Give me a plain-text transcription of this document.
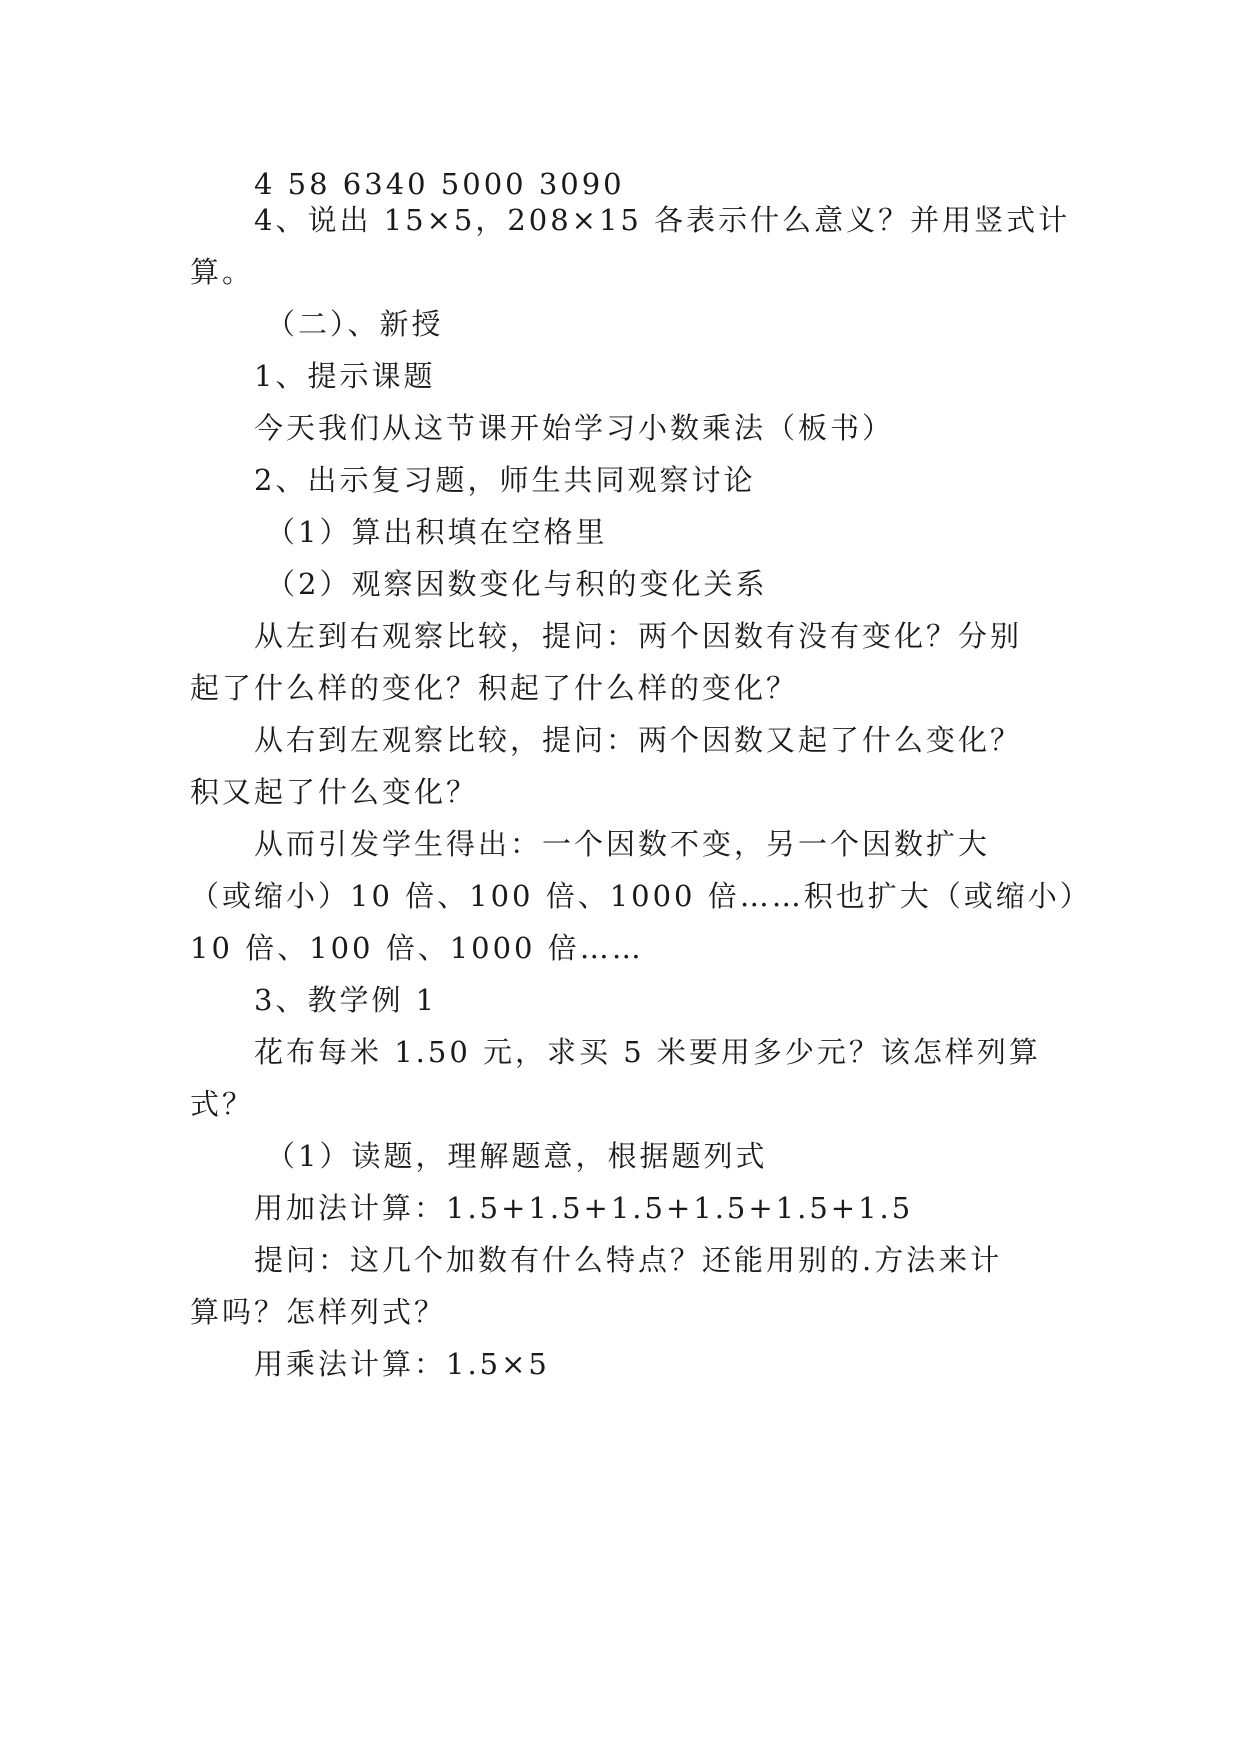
4 58 6340 5000 3090
4、说出 15×5，208×15 各表示什么意义？并用竖式计
算。
（二）、新授
1、提示课题
今天我们从这节课开始学习小数乘法（板书）
2、出示复习题，师生共同观察讨论
（1）算出积填在空格里
（2）观察因数变化与积的变化关系
从左到右观察比较，提问：两个因数有没有变化？分别
起了什么样的变化？积起了什么样的变化？
从右到左观察比较，提问：两个因数又起了什么变化？
积又起了什么变化？
从而引发学生得出：一个因数不变，另一个因数扩大
（或缩小）10 倍、100 倍、1000 倍……积也扩大（或缩小）
10 倍、100 倍、1000 倍……
3、教学例 1
花布每米 1.50 元，求买 5 米要用多少元？该怎样列算
式？
（1）读题，理解题意，根据题列式
用加法计算：1.5+1.5+1.5+1.5+1.5+1.5
提问：这几个加数有什么特点？还能用别的.方法来计
算吗？怎样列式？
用乘法计算：1.5×5
